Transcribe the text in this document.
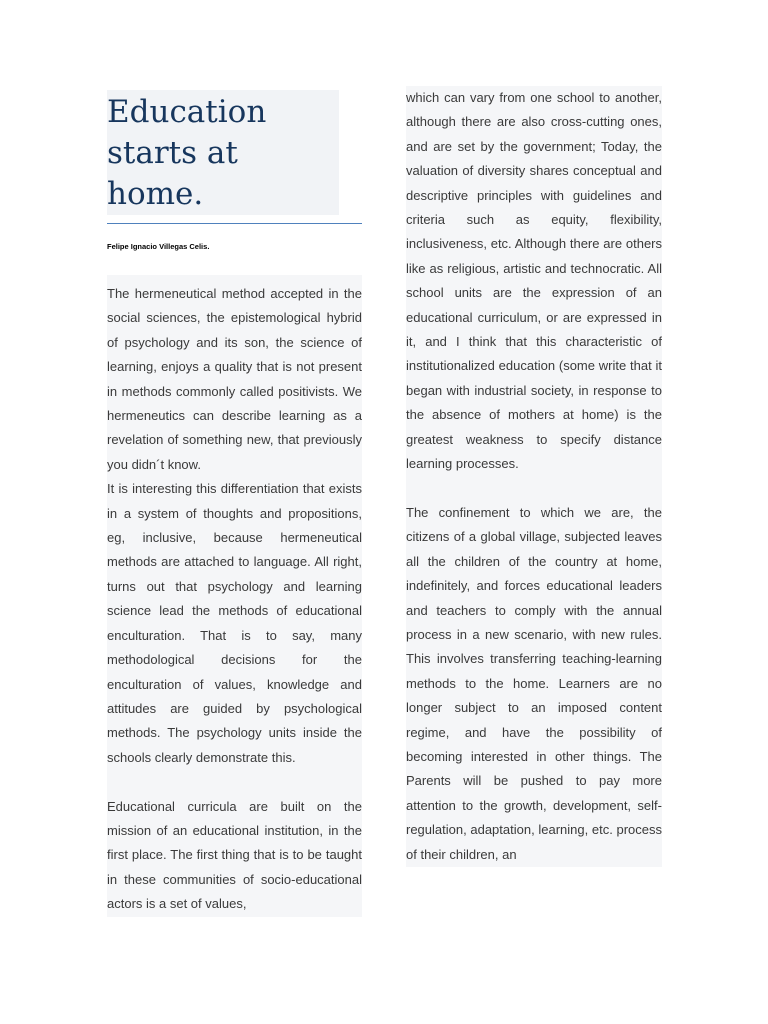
Education starts at home.
Felipe Ignacio Villegas Celis.

The hermeneutical method accepted in the social sciences, the epistemological hybrid of psychology and its son, the science of learning, enjoys a quality that is not present in methods commonly called positivists. We hermeneutics can describe learning as a revelation of something new, that previously you didn´t know.

It is interesting this differentiation that exists in a system of thoughts and propositions, eg, inclusive, because hermeneutical methods are attached to language. All right, turns out that psychology and learning science lead the methods of educational enculturation. That is to say, many methodological decisions for the enculturation of values, knowledge and attitudes are guided by psychological methods. The psychology units inside the schools clearly demonstrate this.

Educational curricula are built on the mission of an educational institution, in the first place. The first thing that is to be taught in these communities of socio-educational actors is a set of values,

which can vary from one school to another, although there are also cross-cutting ones, and are set by the government; Today, the valuation of diversity shares conceptual and descriptive principles with guidelines and criteria such as equity, flexibility, inclusiveness, etc. Although there are others like as religious, artistic and technocratic. All school units are the expression of an educational curriculum, or are expressed in it, and I think that this characteristic of institutionalized education (some write that it began with industrial society, in response to the absence of mothers at home) is the greatest weakness to specify distance learning processes.

The confinement to which we are, the citizens of a global village, subjected leaves all the children of the country at home, indefinitely, and forces educational leaders and teachers to comply with the annual process in a new scenario, with new rules. This involves transferring teaching-learning methods to the home. Learners are no longer subject to an imposed content regime, and have the possibility of becoming interested in other things. The Parents will be pushed to pay more attention to the growth, development, self-regulation, adaptation, learning, etc. process of their children, an
